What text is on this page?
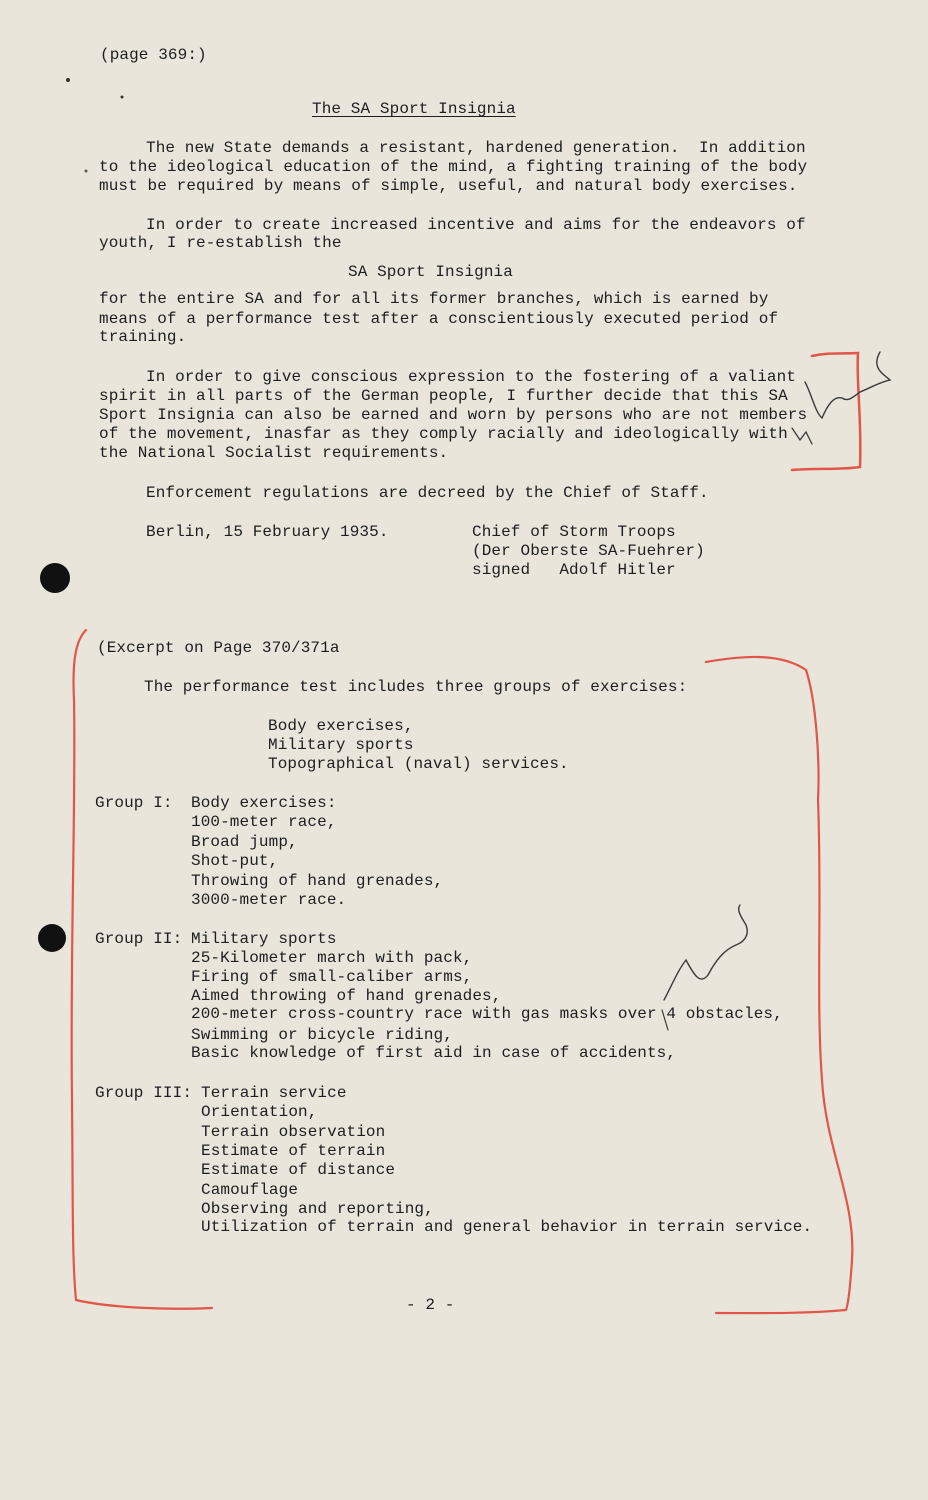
(page 369:)
The SA Sport Insignia
The new State demands a resistant, hardened generation.  In addition
to the ideological education of the mind, a fighting training of the body
must be required by means of simple, useful, and natural body exercises.
In order to create increased incentive and aims for the endeavors of
youth, I re-establish the
SA Sport Insignia
for the entire SA and for all its former branches, which is earned by
means of a performance test after a conscientiously executed period of
training.
In order to give conscious expression to the fostering of a valiant
spirit in all parts of the German people, I further decide that this SA
Sport Insignia can also be earned and worn by persons who are not members
of the movement, inasfar as they comply racially and ideologically with
the National Socialist requirements.
Enforcement regulations are decreed by the Chief of Staff.
Berlin, 15 February 1935.	Chief of Storm Troops
(Der Oberste SA-Fuehrer)
signed   Adolf Hitler
(Excerpt on Page 370/371a
The performance test includes three groups of exercises:
Body exercises,
Military sports
Topographical (naval) services.
Group I: Body exercises:
100-meter race,
Broad jump,
Shot-put,
Throwing of hand grenades,
3000-meter race.
Group II: Military sports
25-Kilometer march with pack,
Firing of small-caliber arms,
Aimed throwing of hand grenades,
200-meter cross-country race with gas masks over 4 obstacles,
Swimming or bicycle riding,
Basic knowledge of first aid in case of accidents,
Group III: Terrain service
Orientation,
Terrain observation
Estimate of terrain
Estimate of distance
Camouflage
Observing and reporting,
Utilization of terrain and general behavior in terrain service.
- 2 -
